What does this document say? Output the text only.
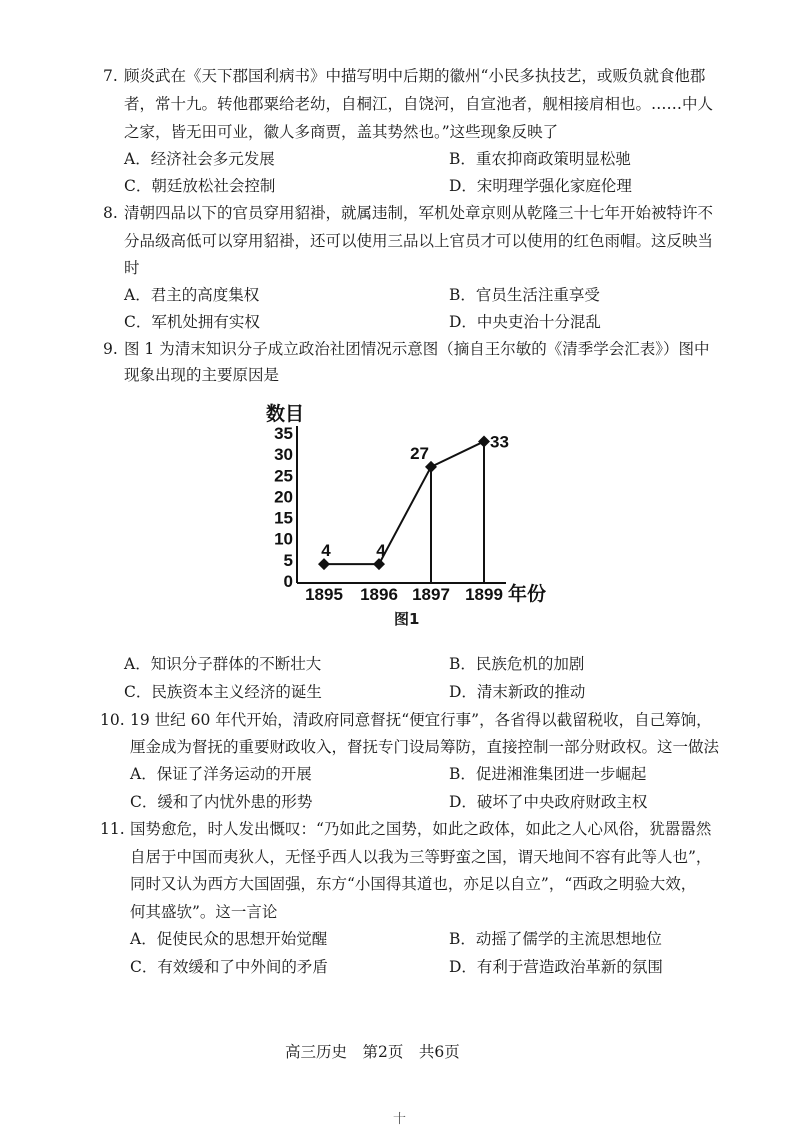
7. 顾炎武在《天下郡国利病书》中描写明中后期的徽州“小民多执技艺，或贩负就食他郡
者，常十九。转他郡粟给老幼，自桐江，自饶河，自宣池者，舰相接肩相也。……中人
之家，皆无田可业，徽人多商贾，盖其势然也。”这些现象反映了
A．经济社会多元发展	B．重农抑商政策明显松驰
C．朝廷放松社会控制	D．宋明理学强化家庭伦理
8. 清朝四品以下的官员穿用貂褂，就属违制，军机处章京则从乾隆三十七年开始被特许不
分品级高低可以穿用貂褂，还可以使用三品以上官员才可以使用的红色雨帽。这反映当
时
A．君主的高度集权	B．官员生活注重享受
C．军机处拥有实权	D．中央吏治十分混乱
9. 图 1 为清末知识分子成立政治社团情况示意图（摘自王尔敏的《清季学会汇表》）图中
现象出现的主要原因是
数目
35
30
25
20
15
10
5
0
4	4
27
33
1895 1896 1897 1899 年份
图1
A．知识分子群体的不断壮大	B．民族危机的加剧
C．民族资本主义经济的诞生	D．清末新政的推动
10. 19 世纪 60 年代开始，清政府同意督抚“便宜行事”，各省得以截留税收，自己筹饷，
厘金成为督抚的重要财政收入，督抚专门设局筹防，直接控制一部分财政权。这一做法
A．保证了洋务运动的开展	B．促进湘淮集团进一步崛起
C．缓和了内忧外患的形势	D．破坏了中央政府财政主权
11. 国势愈危，时人发出慨叹：“乃如此之国势，如此之政体，如此之人心风俗，犹嚣嚣然
自居于中国而夷狄人，无怪乎西人以我为三等野蛮之国，谓天地间不容有此等人也”，
同时又认为西方大国固强，东方“小国得其道也，亦足以自立”，“西政之明验大效，
何其盛欤”。这一言论
A．促使民众的思想开始觉醒	B．动摇了儒学的主流思想地位
C．有效缓和了中外间的矛盾	D．有利于营造政治革新的氛围
高三历史　第2页　共6页
十
